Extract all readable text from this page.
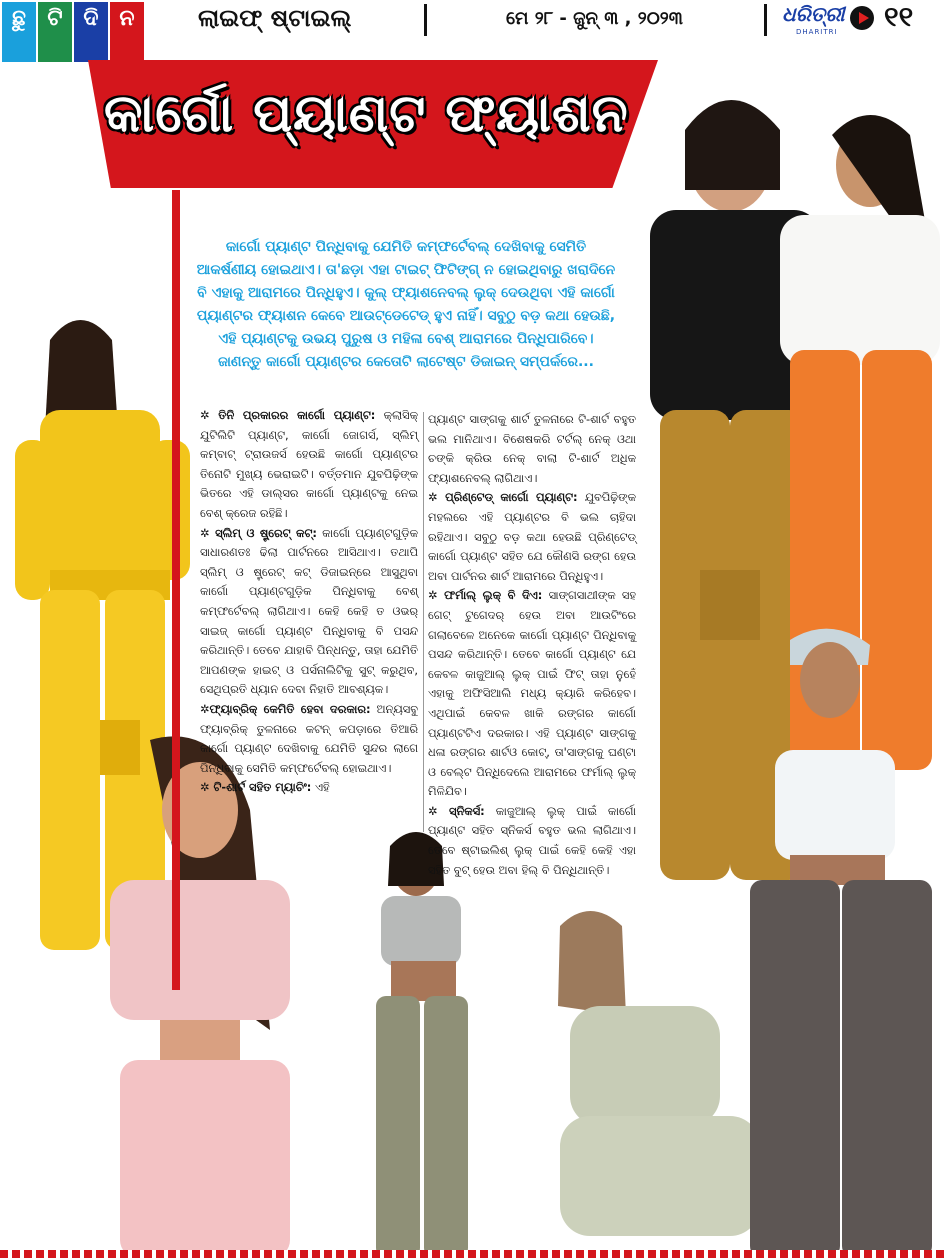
ଛୁ ଟି ଦି ନ	ଲାଇଫ୍ ଷ୍ଟାଇଲ୍	ମେ ୨୮ - ଜୁନ୍ ୩ , ୨୦୨୩	ଧରିତ୍ରୀ
DHARITRI ୧୧
କାର୍ଗୋ ପ୍ୟାଣ୍ଟ ଫ୍ୟାଶନ
କାର୍ଗୋ ପ୍ୟାଣ୍ଟ ପିନ୍ଧିବାକୁ ଯେମିତି କମ୍ଫର୍ଟେବଲ୍ ଦେଖିବାକୁ ସେମିତି ଆକର୍ଷଣୀୟ ହୋଇଥାଏ। ତା'ଛଡ଼ା ଏହା ଟାଇଟ୍ ଫିଟିଙ୍ଗ୍ ନ ହୋଇଥିବାରୁ ଖରାଦିନେ ବି ଏହାକୁ ଆରାମରେ ପିନ୍ଧିହୁଏ। କୁଲ୍ ଫ୍ୟାଶନେବଲ୍ ଲୁକ୍ ଦେଉଥିବା ଏହି କାର୍ଗୋ ପ୍ୟାଣ୍ଟର ଫ୍ୟାଶନ କେବେ ଆଉଟ୍‌ଡେଟେଡ୍ ହୁଏ ନାହିଁ। ସବୁଠୁ ବଡ଼ କଥା ହେଉଛି, ଏହି ପ୍ୟାଣ୍ଟକୁ ଉଭୟ ପୁରୁଷ ଓ ମହିଳା ବେଶ୍ ଆରାମରେ ପିନ୍ଧିପାରିବେ। ଜାଣନ୍ତୁ କାର୍ଗୋ ପ୍ୟାଣ୍ଟର କେତୋଟି ଲାଟେଷ୍ଟ ଡିଜାଇନ୍ ସମ୍ପର୍କରେ...

✲ ତିନି ପ୍ରକାରର କାର୍ଗୋ ପ୍ୟାଣ୍ଟ: କ୍ଲାସିକ୍ ଯୁଟିଲିଟି ପ୍ୟାଣ୍ଟ, କାର୍ଗୋ ଜୋଗର୍ସ, ସ୍ଲିମ୍ କମ୍ବାଟ୍ ଟ୍ରାଉଜର୍ସ ହେଉଛି କାର୍ଗୋ ପ୍ୟାଣ୍ଟର ତିନୋଟି ମୁଖ୍ୟ ଭେରାଇଟି। ବର୍ତ୍ତମାନ ଯୁବପିଢ଼ିଙ୍କ ଭିତରେ ଏହି ଡାଲ୍ସର କାର୍ଗୋ ପ୍ୟାଣ୍ଟକୁ ନେଇ ବେଶ୍ କ୍ରେଜ ରହିଛି।

✲ ସ୍ଲିମ୍ ଓ ଷ୍ଟ୍ରେଟ୍ କଟ୍: କାର୍ଗୋ ପ୍ୟାଣ୍ଟଗୁଡ଼ିକ ସାଧାରଣତଃ ଢିଲା ପାର୍ଟନରେ ଆସିଥାଏ। ତଥାପି ସ୍ଲିମ୍ ଓ ଷ୍ଟ୍ରେଟ୍ କଟ୍ ଡିଜାଇନ୍‌ରେ ଆସୁଥିବା କାର୍ଗୋ ପ୍ୟାଣ୍ଟଗୁଡ଼ିକ ପିନ୍ଧିବାକୁ ବେଶ୍ କମ୍ଫର୍ଟେବଲ୍ ଲାଗିଥାଏ। କେହି କେହି ତ ଓଭର୍ ସାଇଜ୍ କାର୍ଗୋ ପ୍ୟାଣ୍ଟ ପିନ୍ଧିବାକୁ ବି ପସନ୍ଦ କରିଥାନ୍ତି। ତେବେ ଯାହାବି ପିନ୍ଧନ୍ତୁ, ତାହା ଯେମିତି ଆପଣଙ୍କ ହାଇଟ୍ ଓ ପର୍ସନାଲିଟିକୁ ସୁଟ୍ କରୁଥିବ, ସେଥିପ୍ରତି ଧ୍ୟାନ ଦେବା ନିହାତି ଆବଶ୍ୟକ।

✲ଫ୍ୟାବ୍ରିକ୍ କେମିତି ହେବା ଦରକାର: ଅନ୍ୟସବୁ ଫ୍ୟାବ୍ରିକ୍ ତୁଳନାରେ କଟନ୍ କପଡ଼ାରେ ତିଆରି କାର୍ଗୋ ପ୍ୟାଣ୍ଟ ଦେଖିବାକୁ ଯେମିତି ସୁନ୍ଦର ଲାଗେ ପିନ୍ଧିବାକୁ ସେମିତି କମ୍ଫର୍ଟେବଲ୍ ହୋଇଥାଏ।

✲ ଟି-ଶାର୍ଟ ସହିତ ମ୍ୟାଚିଂ: ଏହି

ପ୍ୟାଣ୍ଟ ସାଙ୍ଗକୁ ଶାର୍ଟ ତୁଳନାରେ ଟି-ଶାର୍ଟ ବହୁତ ଭଲ ମାନିଥାଏ। ବିଶେଷକରି ଟର୍ଟଲ୍ ନେକ୍ ଓଥା ଚଙ୍କି କ୍ରିଉ ନେକ୍ ବାଲା ଟି-ଶାର୍ଟ ଅଧିକ ଫ୍ୟାଶନେବଲ୍ ଲାଗିଥାଏ।

✲ ପ୍ରିଣ୍ଟେଡ୍ କାର୍ଗୋ ପ୍ୟାଣ୍ଟ: ଯୁବପିଢ଼ିଙ୍କ ମହଲରେ ଏହି ପ୍ୟାଣ୍ଟର ବି ଭଲ ଚାହିଦା ରହିଥାଏ। ସବୁଠୁ ବଡ଼ କଥା ହେଉଛି ପ୍ରିଣ୍ଟେଡ୍ କାର୍ଗୋ ପ୍ୟାଣ୍ଟ ସହିତ ଯେ କୌଣସି ରଙ୍ଗ ହେଉ ଅବା ପାର୍ଟନର ଶାର୍ଟ ଆରାମରେ ପିନ୍ଧିହୁଏ।

✲ ଫର୍ମାଲ୍ ଲୁକ୍ ବି ଦିଏ: ସାଙ୍ଗସାଥୀଙ୍କ ସହ ଗେଟ୍ ଟୁଗେଦର୍ ହେଉ ଅବା ଆଉଟିଂରେ ଗଲାବେଳେ ଅନେକେ କାର୍ଗୋ ପ୍ୟାଣ୍ଟ ପିନ୍ଧିବାକୁ ପସନ୍ଦ କରିଥାନ୍ତି। ତେବେ କାର୍ଗୋ ପ୍ୟାଣ୍ଟ ଯେ କେବଳ କାଜୁଆଲ୍ ଲୁକ୍ ପାଇଁ ଫିଟ୍ ତାହା ନୁହେଁ ଏହାକୁ ଅଫିସିଆଲି ମଧ୍ୟ କ୍ୟାରି କରିହେବ। ଏଥିପାଇଁ କେବଳ ଖାକି ରଙ୍ଗର କାର୍ଗୋ ପ୍ୟାଣ୍ଟଟିଏ ଦରକାର। ଏହି ପ୍ୟାଣ୍ଟ ସାଙ୍ଗକୁ ଧଳା ରଙ୍ଗର ଶାର୍ଟଓ କୋଟ୍, ତା'ସାଙ୍ଗକୁ ଘଣ୍ଟା ଓ ବେଲ୍ଟ ପିନ୍ଧିଦେଲେ ଆରାମରେ ଫର୍ମାଲ୍ ଲୁକ୍ ମିଳିଯିବ।

✲ ସ୍ନିକର୍ସ: କାଜୁଆଲ୍ ଲୁକ୍ ପାଇଁ କାର୍ଗୋ ପ୍ୟାଣ୍ଟ ସହିତ ସ୍ନିକର୍ସ ବହୁତ ଭଲ ଲାଗିଥାଏ। ତେବେ ଷ୍ଟାଇଲିଶ୍ ଲୁକ୍ ପାଇଁ କେହି କେହି ଏହା ସହିତ ବୁଟ୍ ହେଉ ଅବା ହିଲ୍ ବି ପିନ୍ଧିଥାନ୍ତି।
